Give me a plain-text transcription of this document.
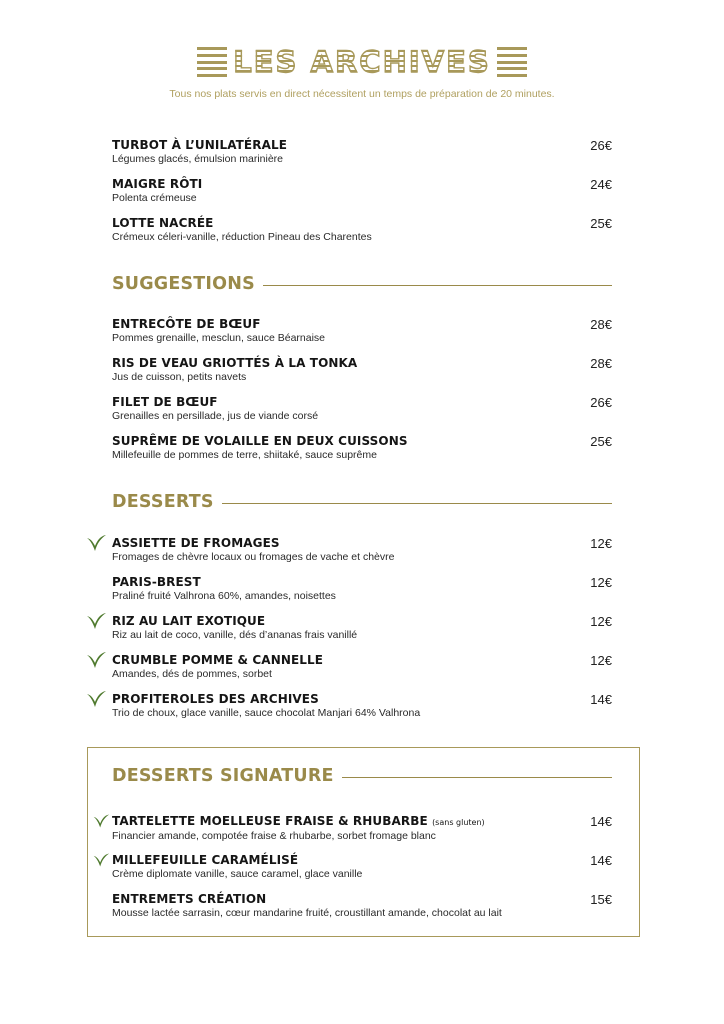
LES ARCHIVES
Tous nos plats servis en direct nécessitent un temps de préparation de 20 minutes.
TURBOT À L’UNILATÉRALE
Légumes glacés, émulsion marinière
26€
MAIGRE RÔTI
Polenta crémeuse
24€
LOTTE NACRÉE
Crémeux céleri-vanille, réduction Pineau des Charentes
25€
SUGGESTIONS
ENTRECÔTE DE BŒUF
Pommes grenaille, mesclun, sauce Béarnaise
28€
RIS DE VEAU GRIOTTÉS À LA TONKA
Jus de cuisson, petits navets
28€
FILET DE BŒUF
Grenailles en persillade, jus de viande corsé
26€
SUPRÊME DE VOLAILLE EN DEUX CUISSONS
Millefeuille de pommes de terre, shiitaké, sauce suprême
25€
DESSERTS
ASSIETTE DE FROMAGES
Fromages de chèvre locaux ou fromages de vache et chèvre
12€
PARIS-BREST
Praliné fruité Valhrona 60%, amandes, noisettes
12€
RIZ AU LAIT EXOTIQUE
Riz au lait de coco, vanille, dés d’ananas frais vanillé
12€
CRUMBLE POMME & CANNELLE
Amandes, dés de pommes, sorbet
12€
PROFITEROLES DES ARCHIVES
Trio de choux, glace vanille, sauce chocolat Manjari 64% Valhrona
14€
DESSERTS SIGNATURE
TARTELETTE MOELLEUSE FRAISE & RHUBARBE (sans gluten)
Financier amande, compotée fraise & rhubarbe, sorbet fromage blanc
14€
MILLEFEUILLE CARAMÉLISÉ
Crème diplomate vanille, sauce caramel, glace vanille
14€
ENTREMETS CRÉATION
Mousse lactée sarrasin, cœur mandarine fruité, croustillant amande, chocolat au lait
15€
